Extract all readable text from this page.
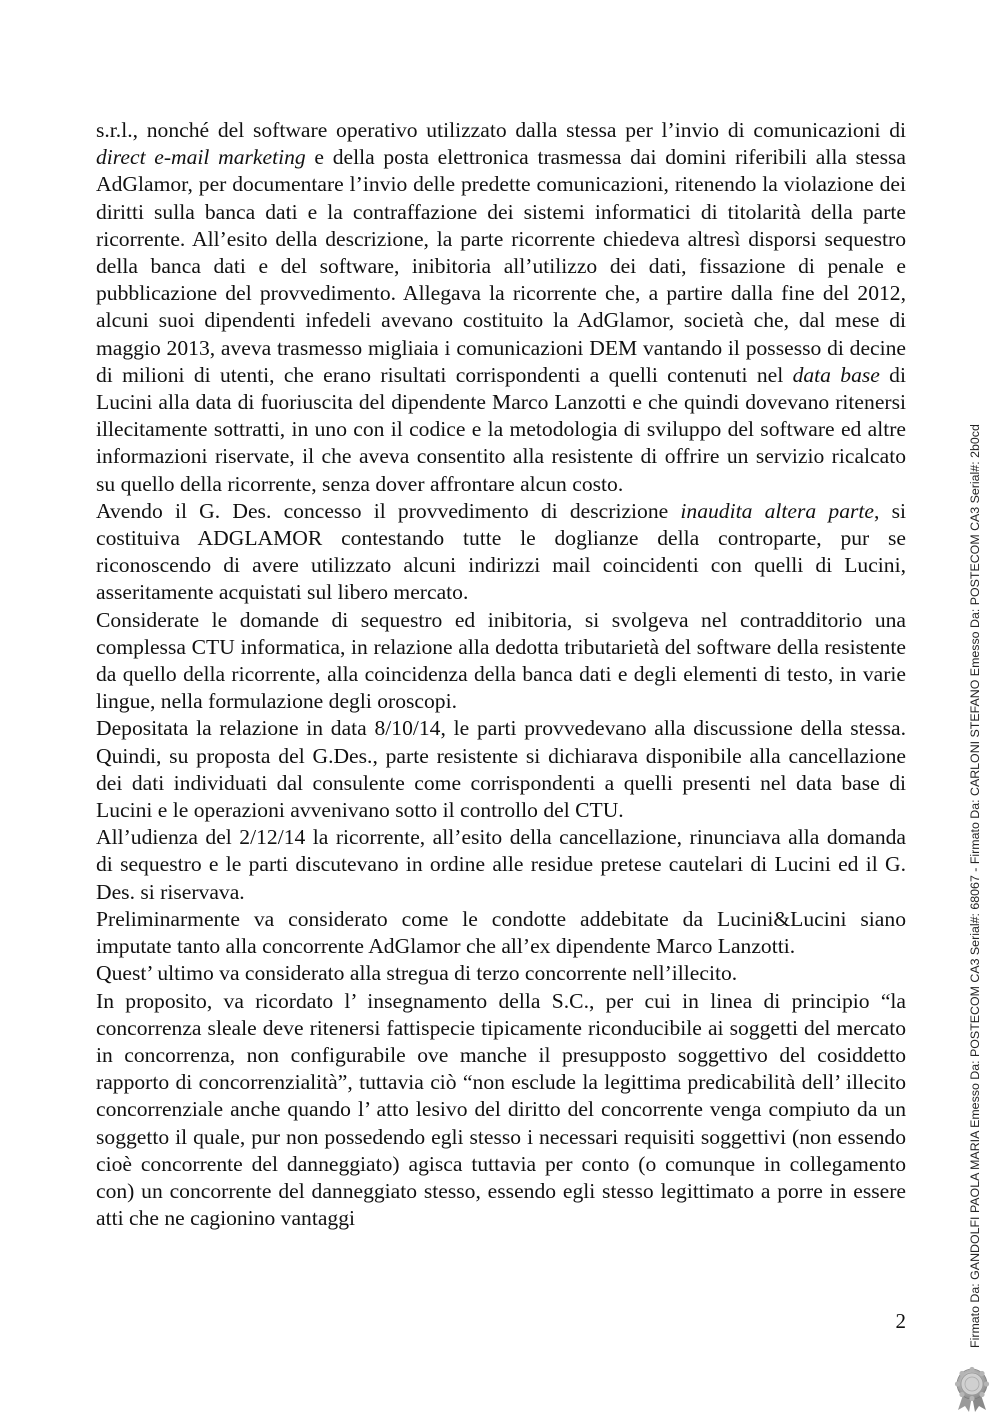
s.r.l., nonché del software operativo utilizzato dalla stessa per l’invio di comunicazioni di direct e-mail marketing e della posta elettronica trasmessa dai domini riferibili alla stessa AdGlamor, per documentare l’invio delle predette comunicazioni, ritenendo la violazione dei diritti sulla banca dati e la contraffazione dei sistemi informatici di titolarità della parte ricorrente. All’esito della descrizione, la parte ricorrente chiedeva altresì disporsi sequestro della banca dati e del software, inibitoria all’utilizzo dei dati, fissazione di penale e pubblicazione del provvedimento. Allegava la ricorrente che, a partire dalla fine del 2012, alcuni suoi dipendenti infedeli avevano costituito la AdGlamor, società che, dal mese di maggio 2013, aveva trasmesso migliaia i comunicazioni DEM vantando il possesso di decine di milioni di utenti, che erano risultati corrispondenti a quelli contenuti nel data base di Lucini alla data di fuoriuscita del dipendente Marco Lanzotti e che quindi dovevano ritenersi illecitamente sottratti, in uno con il codice e la metodologia di sviluppo del software ed altre informazioni riservate, il che aveva consentito alla resistente di offrire un servizio ricalcato su quello della ricorrente, senza dover affrontare alcun costo.

Avendo il G. Des. concesso il provvedimento di descrizione inaudita altera parte, si costituiva ADGLAMOR contestando tutte le doglianze della controparte, pur se riconoscendo di avere utilizzato alcuni indirizzi mail coincidenti con quelli di Lucini, asseritamente acquistati sul libero mercato.

Considerate le domande di sequestro ed inibitoria, si svolgeva nel contradditorio una complessa CTU informatica, in relazione alla dedotta tributarietà del software della resistente da quello della ricorrente, alla coincidenza della banca dati e degli elementi di testo, in varie lingue, nella formulazione degli oroscopi.

Depositata la relazione in data 8/10/14, le parti provvedevano alla discussione della stessa. Quindi, su proposta del G.Des., parte resistente si dichiarava disponibile alla cancellazione dei dati individuati dal consulente come corrispondenti a quelli presenti nel data base di Lucini e le operazioni avvenivano sotto il controllo del CTU.

All’udienza del 2/12/14 la ricorrente, all’esito della cancellazione, rinunciava alla domanda di sequestro e le parti discutevano in ordine alle residue pretese cautelari di Lucini ed il G. Des. si riservava.

Preliminarmente va considerato come le condotte addebitate da Lucini&Lucini siano imputate tanto alla concorrente AdGlamor che all’ex dipendente Marco Lanzotti.

Quest’ ultimo va considerato alla stregua di terzo concorrente nell’illecito.

In proposito, va ricordato l’ insegnamento della S.C., per cui in linea di principio “la concorrenza sleale deve ritenersi fattispecie tipicamente riconducibile ai soggetti del mercato in concorrenza, non configurabile ove manche il presupposto soggettivo del cosiddetto rapporto di concorrenzialità”, tuttavia ciò “non esclude la legittima predicabilità dell’ illecito concorrenziale anche quando l’ atto lesivo del diritto del concorrente venga compiuto da un soggetto il quale, pur non possedendo egli stesso i necessari requisiti soggettivi (non essendo cioè concorrente del danneggiato) agisca tuttavia per conto (o comunque in collegamento con) un concorrente del danneggiato stesso, essendo egli stesso legittimato a porre in essere atti che ne cagionino vantaggi

2	Firmato Da: GANDOLFI PAOLA MARIA Emesso Da: POSTECOM CA3 Serial#: 68067 - Firmato Da: CARLONI STEFANO Emesso Da: POSTECOM CA3 Serial#: 2b0cd
